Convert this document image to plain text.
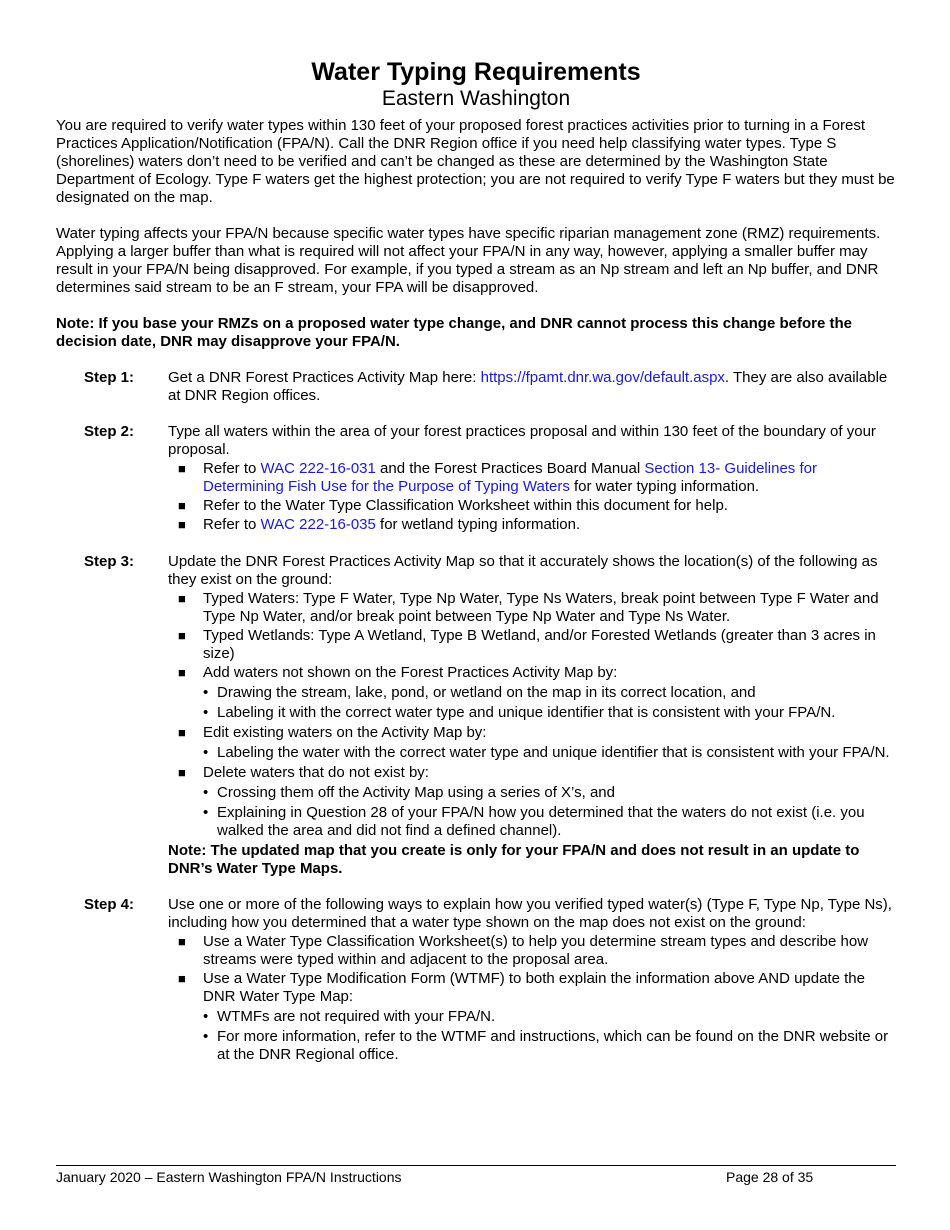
Water Typing Requirements
Eastern Washington

You are required to verify water types within 130 feet of your proposed forest practices activities prior to turning in a Forest Practices Application/Notification (FPA/N). Call the DNR Region office if you need help classifying water types. Type S (shorelines) waters don’t need to be verified and can’t be changed as these are determined by the Washington State Department of Ecology. Type F waters get the highest protection; you are not required to verify Type F waters but they must be designated on the map.

Water typing affects your FPA/N because specific water types have specific riparian management zone (RMZ) requirements. Applying a larger buffer than what is required will not affect your FPA/N in any way, however, applying a smaller buffer may result in your FPA/N being disapproved. For example, if you typed a stream as an Np stream and left an Np buffer, and DNR determines said stream to be an F stream, your FPA will be disapproved.

Note: If you base your RMZs on a proposed water type change, and DNR cannot process this change before the decision date, DNR may disapprove your FPA/N.

Step 1:	Get a DNR Forest Practices Activity Map here: https://fpamt.dnr.wa.gov/default.aspx. They are also available at DNR Region offices.
Step 2:	Type all waters within the area of your forest practices proposal and within 130 feet of the boundary of your proposal.
■ Refer to WAC 222-16-031 and the Forest Practices Board Manual Section 13- Guidelines for Determining Fish Use for the Purpose of Typing Waters for water typing information.
■ Refer to the Water Type Classification Worksheet within this document for help.
■ Refer to WAC 222-16-035 for wetland typing information.
Step 3:	Update the DNR Forest Practices Activity Map so that it accurately shows the location(s) of the following as they exist on the ground:
■ Typed Waters: Type F Water, Type Np Water, Type Ns Waters, break point between Type F Water and Type Np Water, and/or break point between Type Np Water and Type Ns Water.
■ Typed Wetlands: Type A Wetland, Type B Wetland, and/or Forested Wetlands (greater than 3 acres in size)
■ Add waters not shown on the Forest Practices Activity Map by:
• Drawing the stream, lake, pond, or wetland on the map in its correct location, and
• Labeling it with the correct water type and unique identifier that is consistent with your FPA/N.
■ Edit existing waters on the Activity Map by:
• Labeling the water with the correct water type and unique identifier that is consistent with your FPA/N.
■ Delete waters that do not exist by:
• Crossing them off the Activity Map using a series of X’s, and
• Explaining in Question 28 of your FPA/N how you determined that the waters do not exist (i.e. you walked the area and did not find a defined channel).
Note: The updated map that you create is only for your FPA/N and does not result in an update to DNR’s Water Type Maps.
Step 4:	Use one or more of the following ways to explain how you verified typed water(s) (Type F, Type Np, Type Ns), including how you determined that a water type shown on the map does not exist on the ground:
■ Use a Water Type Classification Worksheet(s) to help you determine stream types and describe how streams were typed within and adjacent to the proposal area.
■ Use a Water Type Modification Form (WTMF) to both explain the information above AND update the DNR Water Type Map:
• WTMFs are not required with your FPA/N.
• For more information, refer to the WTMF and instructions, which can be found on the DNR website or at the DNR Regional office.
January 2020 – Eastern Washington FPA/N Instructions	Page 28 of 35
